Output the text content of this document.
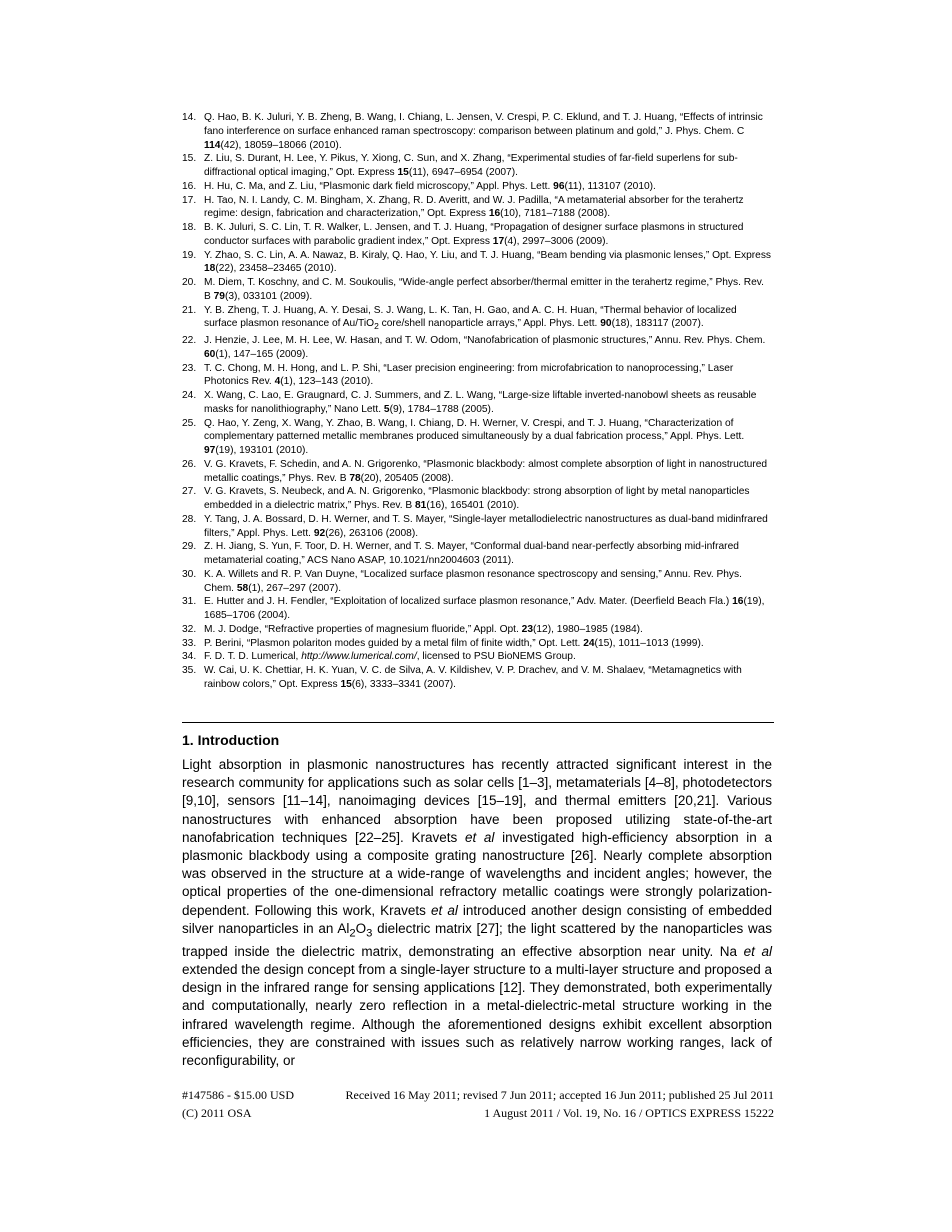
14. Q. Hao, B. K. Juluri, Y. B. Zheng, B. Wang, I. Chiang, L. Jensen, V. Crespi, P. C. Eklund, and T. J. Huang, “Effects of intrinsic fano interference on surface enhanced raman spectroscopy: comparison between platinum and gold,” J. Phys. Chem. C 114(42), 18059–18066 (2010).
15. Z. Liu, S. Durant, H. Lee, Y. Pikus, Y. Xiong, C. Sun, and X. Zhang, “Experimental studies of far-field superlens for sub-diffractional optical imaging,” Opt. Express 15(11), 6947–6954 (2007).
16. H. Hu, C. Ma, and Z. Liu, “Plasmonic dark field microscopy,” Appl. Phys. Lett. 96(11), 113107 (2010).
17. H. Tao, N. I. Landy, C. M. Bingham, X. Zhang, R. D. Averitt, and W. J. Padilla, “A metamaterial absorber for the terahertz regime: design, fabrication and characterization,” Opt. Express 16(10), 7181–7188 (2008).
18. B. K. Juluri, S. C. Lin, T. R. Walker, L. Jensen, and T. J. Huang, “Propagation of designer surface plasmons in structured conductor surfaces with parabolic gradient index,” Opt. Express 17(4), 2997–3006 (2009).
19. Y. Zhao, S. C. Lin, A. A. Nawaz, B. Kiraly, Q. Hao, Y. Liu, and T. J. Huang, “Beam bending via plasmonic lenses,” Opt. Express 18(22), 23458–23465 (2010).
20. M. Diem, T. Koschny, and C. M. Soukoulis, “Wide-angle perfect absorber/thermal emitter in the terahertz regime,” Phys. Rev. B 79(3), 033101 (2009).
21. Y. B. Zheng, T. J. Huang, A. Y. Desai, S. J. Wang, L. K. Tan, H. Gao, and A. C. H. Huan, “Thermal behavior of localized surface plasmon resonance of Au/TiO$_2$ core/shell nanoparticle arrays,” Appl. Phys. Lett. 90(18), 183117 (2007).
22. J. Henzie, J. Lee, M. H. Lee, W. Hasan, and T. W. Odom, “Nanofabrication of plasmonic structures,” Annu. Rev. Phys. Chem. 60(1), 147–165 (2009).
23. T. C. Chong, M. H. Hong, and L. P. Shi, “Laser precision engineering: from microfabrication to nanoprocessing,” Laser Photonics Rev. 4(1), 123–143 (2010).
24. X. Wang, C. Lao, E. Graugnard, C. J. Summers, and Z. L. Wang, “Large-size liftable inverted-nanobowl sheets as reusable masks for nanolithiography,” Nano Lett. 5(9), 1784–1788 (2005).
25. Q. Hao, Y. Zeng, X. Wang, Y. Zhao, B. Wang, I. Chiang, D. H. Werner, V. Crespi, and T. J. Huang, “Characterization of complementary patterned metallic membranes produced simultaneously by a dual fabrication process,” Appl. Phys. Lett. 97(19), 193101 (2010).
26. V. G. Kravets, F. Schedin, and A. N. Grigorenko, “Plasmonic blackbody: almost complete absorption of light in nanostructured metallic coatings,” Phys. Rev. B 78(20), 205405 (2008).
27. V. G. Kravets, S. Neubeck, and A. N. Grigorenko, “Plasmonic blackbody: strong absorption of light by metal nanoparticles embedded in a dielectric matrix,” Phys. Rev. B 81(16), 165401 (2010).
28. Y. Tang, J. A. Bossard, D. H. Werner, and T. S. Mayer, “Single-layer metallodielectric nanostructures as dual-band midinfrared filters,” Appl. Phys. Lett. 92(26), 263106 (2008).
29. Z. H. Jiang, S. Yun, F. Toor, D. H. Werner, and T. S. Mayer, “Conformal dual-band near-perfectly absorbing mid-infrared metamaterial coating,” ACS Nano ASAP, 10.1021/nn2004603 (2011).
30. K. A. Willets and R. P. Van Duyne, “Localized surface plasmon resonance spectroscopy and sensing,” Annu. Rev. Phys. Chem. 58(1), 267–297 (2007).
31. E. Hutter and J. H. Fendler, “Exploitation of localized surface plasmon resonance,” Adv. Mater. (Deerfield Beach Fla.) 16(19), 1685–1706 (2004).
32. M. J. Dodge, “Refractive properties of magnesium fluoride,” Appl. Opt. 23(12), 1980–1985 (1984).
33. P. Berini, “Plasmon polariton modes guided by a metal film of finite width,” Opt. Lett. 24(15), 1011–1013 (1999).
34. F. D. T. D. Lumerical, http://www.lumerical.com/, licensed to PSU BioNEMS Group.
35. W. Cai, U. K. Chettiar, H. K. Yuan, V. C. de Silva, A. V. Kildishev, V. P. Drachev, and V. M. Shalaev, “Metamagnetics with rainbow colors,” Opt. Express 15(6), 3333–3341 (2007).
1. Introduction

Light absorption in plasmonic nanostructures has recently attracted significant interest in the research community for applications such as solar cells [1–3], metamaterials [4–8], photodetectors [9,10], sensors [11–14], nanoimaging devices [15–19], and thermal emitters [20,21]. Various nanostructures with enhanced absorption have been proposed utilizing state-of-the-art nanofabrication techniques [22–25]. Kravets et al investigated high-efficiency absorption in a plasmonic blackbody using a composite grating nanostructure [26]. Nearly complete absorption was observed in the structure at a wide-range of wavelengths and incident angles; however, the optical properties of the one-dimensional refractory metallic coatings were strongly polarization-dependent. Following this work, Kravets et al introduced another design consisting of embedded silver nanoparticles in an $Al_2O_3$ dielectric matrix [27]; the light scattered by the nanoparticles was trapped inside the dielectric matrix, demonstrating an effective absorption near unity. Na et al extended the design concept from a single-layer structure to a multi-layer structure and proposed a design in the infrared range for sensing applications [12]. They demonstrated, both experimentally and computationally, nearly zero reflection in a metal-dielectric-metal structure working in the infrared wavelength regime. Although the aforementioned designs exhibit excellent absorption efficiencies, they are constrained with issues such as relatively narrow working ranges, lack of reconfigurability, or

#147586 - $15.00 USD	Received 16 May 2011; revised 7 Jun 2011; accepted 16 Jun 2011; published 25 Jul 2011
(C) 2011 OSA	1 August 2011 / Vol. 19, No. 16 / OPTICS EXPRESS 15222
